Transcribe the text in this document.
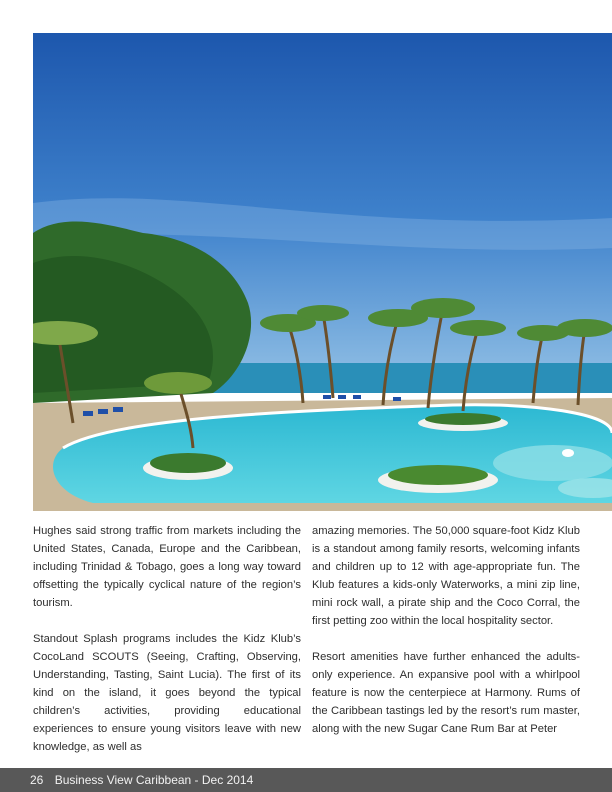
Hughes said strong traffic from markets including the United States, Canada, Europe and the Caribbean, including Trinidad & Tobago, goes a long way toward offsetting the typically cyclical nature of the region’s tourism.

Standout Splash programs includes the Kidz Klub’s CocoLand SCOUTS (Seeing, Crafting, Observing, Understanding, Tasting, Saint Lucia). The first of its kind on the island, it goes beyond the typical children’s activities, providing educational experiences to ensure young visitors leave with new knowledge, as well as

amazing memories. The 50,000 square-foot Kidz Klub is a standout among family resorts, welcoming infants and children up to 12 with age-appropriate fun. The Klub features a kids-only Waterworks, a mini zip line, mini rock wall, a pirate ship and the Coco Corral, the first petting zoo within the local hospitality sector.

Resort amenities have further enhanced the adults-only experience. An expansive pool with a whirlpool feature is now the centerpiece at Harmony. Rums of the Caribbean tastings led by the resort’s rum master, along with the new Sugar Cane Rum Bar at Peter

26 Business View Caribbean - Dec 2014
